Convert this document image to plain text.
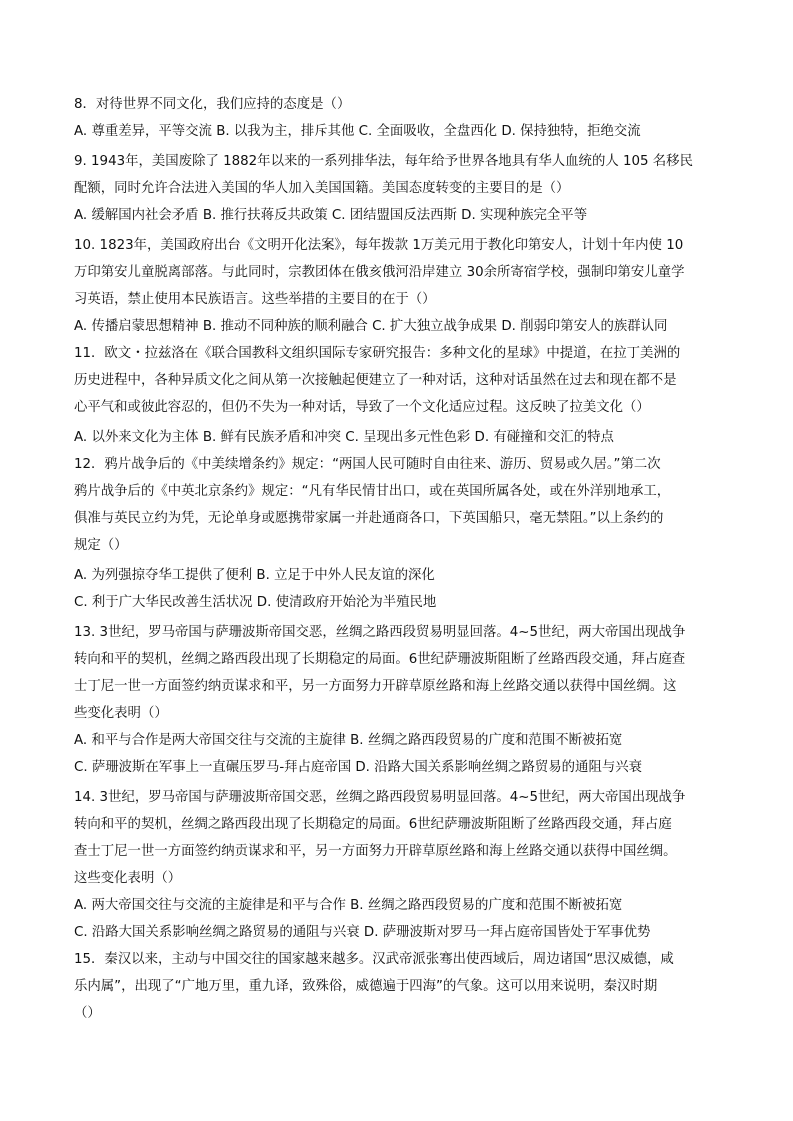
8．对待世界不同文化，我们应持的态度是（）
A. 尊重差异，平等交流 B. 以我为主，排斥其他 C. 全面吸收，全盘西化 D. 保持独特，拒绝交流
9. 1943年，美国废除了 1882年以来的一系列排华法，每年给予世界各地具有华人血统的人 105 名移民
配额，同时允许合法进入美国的华人加入美国国籍。美国态度转变的主要目的是（）
A. 缓解国内社会矛盾 B. 推行扶蒋反共政策 C. 团结盟国反法西斯 D. 实现种族完全平等
10. 1823年，美国政府出台《文明开化法案》，每年拨款 1万美元用于教化印第安人，计划十年内使 10
万印第安儿童脱离部落。与此同时，宗教团体在俄亥俄河沿岸建立 30余所寄宿学校，强制印第安儿童学
习英语，禁止使用本民族语言。这些举措的主要目的在于（）
A. 传播启蒙思想精神 B. 推动不同种族的顺利融合 C. 扩大独立战争成果 D. 削弱印第安人的族群认同
11．欧文・拉兹洛在《联合国教科文组织国际专家研究报告：多种文化的星球》中提道，在拉丁美洲的
历史进程中，各种异质文化之间从第一次接触起便建立了一种对话，这种对话虽然在过去和现在都不是
心平气和或彼此容忍的，但仍不失为一种对话，导致了一个文化适应过程。这反映了拉美文化（）
A. 以外来文化为主体 B. 鲜有民族矛盾和冲突 C. 呈现出多元性色彩 D. 有碰撞和交汇的特点
12．鸦片战争后的《中美续增条约》规定：“两国人民可随时自由往来、游历、贸易或久居。”第二次
鸦片战争后的《中英北京条约》规定：“凡有华民情甘出口，或在英国所属各处，或在外洋别地承工，
俱准与英民立约为凭，无论单身或愿携带家属一并赴通商各口，下英国船只，毫无禁阻。”以上条约的
规定（）
A. 为列强掠夺华工提供了便利 B. 立足于中外人民友谊的深化
C. 利于广大华民改善生活状况 D. 使清政府开始沦为半殖民地
13. 3世纪，罗马帝国与萨珊波斯帝国交恶，丝绸之路西段贸易明显回落。4~5世纪，两大帝国出现战争
转向和平的契机，丝绸之路西段出现了长期稳定的局面。6世纪萨珊波斯阻断了丝路西段交通，拜占庭查
士丁尼一世一方面签约纳贡谋求和平，另一方面努力开辟草原丝路和海上丝路交通以获得中国丝绸。这
些变化表明（）
A. 和平与合作是两大帝国交往与交流的主旋律 B. 丝绸之路西段贸易的广度和范围不断被拓宽
C. 萨珊波斯在军事上一直碾压罗马-拜占庭帝国 D. 沿路大国关系影响丝绸之路贸易的通阻与兴衰
14. 3世纪，罗马帝国与萨珊波斯帝国交恶，丝绸之路西段贸易明显回落。4~5世纪，两大帝国出现战争
转向和平的契机，丝绸之路西段出现了长期稳定的局面。6世纪萨珊波斯阻断了丝路西段交通，拜占庭
查士丁尼一世一方面签约纳贡谋求和平，另一方面努力开辟草原丝路和海上丝路交通以获得中国丝绸。
这些变化表明（）
A. 两大帝国交往与交流的主旋律是和平与合作 B. 丝绸之路西段贸易的广度和范围不断被拓宽
C. 沿路大国关系影响丝绸之路贸易的通阻与兴衰 D. 萨珊波斯对罗马一拜占庭帝国皆处于军事优势
15．秦汉以来，主动与中国交往的国家越来越多。汉武帝派张骞出使西域后，周边诸国“思汉威德，咸
乐内属”，出现了“广地万里，重九译，致殊俗，威德遍于四海”的气象。这可以用来说明，秦汉时期
（）
